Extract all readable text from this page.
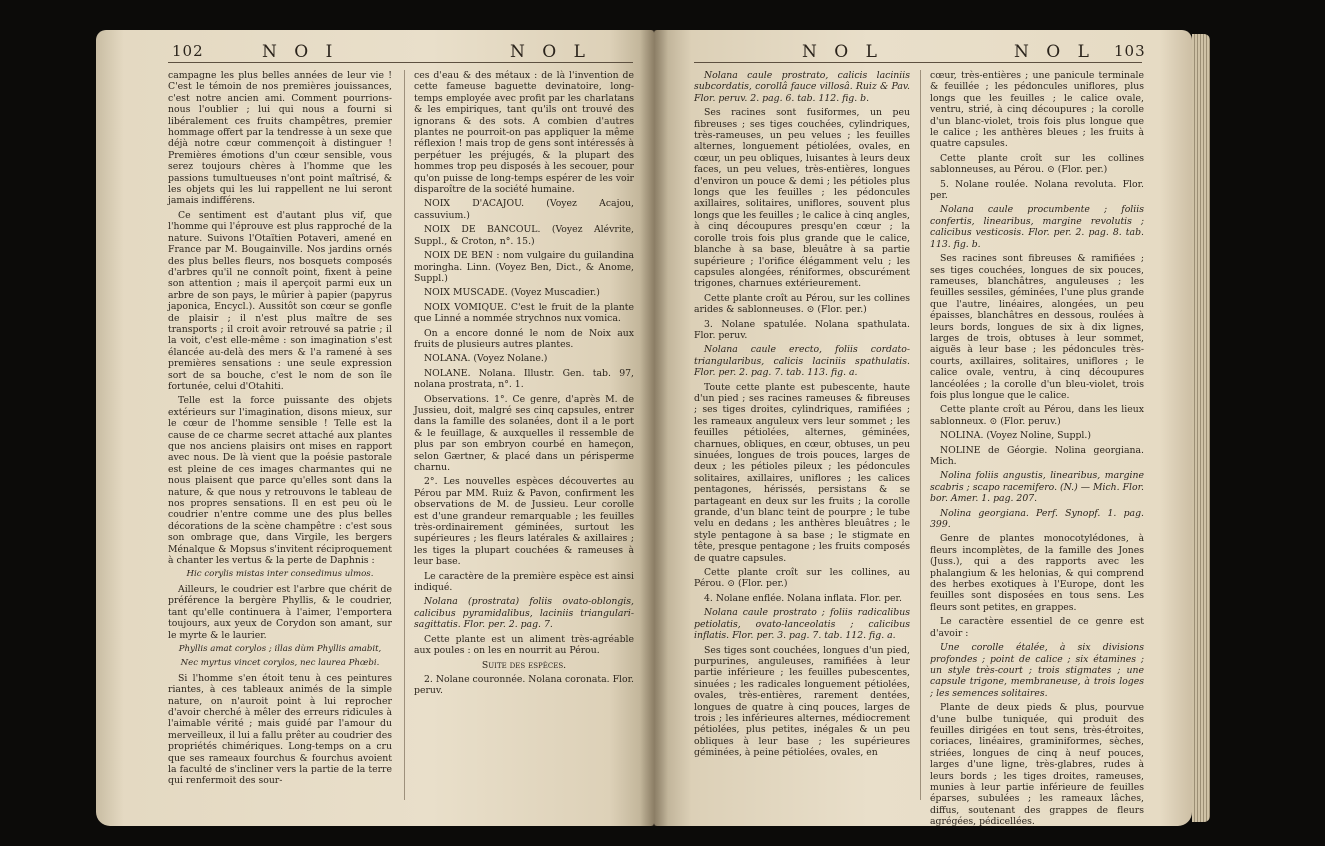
102	N O I	N O L	N O L	N O L 103

campagne les plus belles années de leur vie ! C'est le témoin de nos premières jouissances, c'est notre ancien ami. Comment pourrions-nous l'oublier ; lui qui nous a fourni si libéralement ces fruits champêtres, premier hommage offert par la tendresse à un sexe que déjà notre cœur commençoit à distinguer ! Premières émotions d'un cœur sensible, vous serez toujours chères à l'homme que les passions tumultueuses n'ont point maîtrisé, & les objets qui les lui rappellent ne lui seront jamais indifférens.

Ce sentiment est d'autant plus vif, que l'homme qui l'éprouve est plus rapproché de la nature. Suivons l'Otaïtien Potaveri, amené en France par M. Bougainville. Nos jardins ornés des plus belles fleurs, nos bosquets composés d'arbres qu'il ne connoît point, fixent à peine son attention ; mais il aperçoit parmi eux un arbre de son pays, le mûrier à papier (papyrus japonica, Encycl.). Aussitôt son cœur se gonfle de plaisir ; il n'est plus maître de ses transports ; il croit avoir retrouvé sa patrie ; il la voit, c'est elle-même : son imagination s'est élancée au-delà des mers & l'a ramené à ses premières sensations : une seule expression sort de sa bouche, c'est le nom de son île fortunée, celui d'Otahiti.

Telle est la force puissante des objets extérieurs sur l'imagination, disons mieux, sur le cœur de l'homme sensible ! Telle est la cause de ce charme secret attaché aux plantes que nos anciens plaisirs ont mises en rapport avec nous. De là vient que la poésie pastorale est pleine de ces images charmantes qui ne nous plaisent que parce qu'elles sont dans la nature, & que nous y retrouvons le tableau de nos propres sensations. Il en est peu où le coudrier n'entre comme une des plus belles décorations de la scène champêtre : c'est sous son ombrage que, dans Virgile, les bergers Ménalque & Mopsus s'invitent réciproquement à chanter les vertus & la perte de Daphnis :

Hic corylis mistas inter consedimus ulmos.

Ailleurs, le coudrier est l'arbre que chérit de préférence la bergère Phyllis, & le coudrier, tant qu'elle continuera à l'aimer, l'emportera toujours, aux yeux de Corydon son amant, sur le myrte & le laurier.

Phyllis amat corylos ; illas dùm Phyllis amabit,

Nec myrtus vincet corylos, nec laurea Phœbi.

Si l'homme s'en étoit tenu à ces peintures riantes, à ces tableaux animés de la simple nature, on n'auroit point à lui reprocher d'avoir cherché à mêler des erreurs ridicules à l'aimable vérité ; mais guidé par l'amour du merveilleux, il lui a fallu prêter au coudrier des propriétés chimériques. Long-temps on a cru que ses rameaux fourchus & fourchus avoient la faculté de s'incliner vers la partie de la terre qui renfermoit des sour-

ces d'eau & des métaux : de là l'invention de cette fameuse baguette devinatoire, long-temps employée avec profit par les charlatans & les empiriques, tant qu'ils ont trouvé des ignorans & des sots. A combien d'autres plantes ne pourroit-on pas appliquer la même réflexion ! mais trop de gens sont intéressés à perpétuer les préjugés, & la plupart des hommes trop peu disposés à les secouer, pour qu'on puisse de long-temps espérer de les voir disparoître de la société humaine.

NOIX D'ACAJOU. (Voyez Acajou, cassuvium.)

NOIX DE BANCOUL. (Voyez Alévrite, Suppl., & Croton, n°. 15.)

NOIX DE BEN : nom vulgaire du guilandina moringha. Linn. (Voyez Ben, Dict., & Anome, Suppl.)

NOIX MUSCADE. (Voyez Muscadier.)

NOIX VOMIQUE. C'est le fruit de la plante que Linné a nommée strychnos nux vomica.

On a encore donné le nom de Noix aux fruits de plusieurs autres plantes.

NOLANA. (Voyez Nolane.)

NOLANE. Nolana. Illustr. Gen. tab. 97, nolana prostrata, n°. 1.

Observations. 1°. Ce genre, d'après M. de Jussieu, doit, malgré ses cinq capsules, entrer dans la famille des solanées, dont il a le port & le feuillage, & auxquelles il ressemble de plus par son embryon courbé en hameçon, selon Gærtner, & placé dans un périsperme charnu.

2°. Les nouvelles espèces découvertes au Pérou par MM. Ruiz & Pavon, confirment les observations de M. de Jussieu. Leur corolle est d'une grandeur remarquable ; les feuilles très-ordinairement géminées, surtout les supérieures ; les fleurs latérales & axillaires ; les tiges la plupart couchées & rameuses à leur base.

Le caractère de la première espèce est ainsi indiqué.

Nolana (prostrata) foliis ovato-oblongis, calicibus pyramidalibus, laciniis triangulari-sagittatis. Flor. per. 2. pag. 7.

Cette plante est un aliment très-agréable aux poules : on les en nourrit au Pérou.

Suite des espèces.

2. Nolane couronnée. Nolana coronata. Flor. peruv.

Nolana caule prostrato, calicis laciniis subcordatis, corollâ fauce villosâ. Ruiz & Pav. Flor. peruv. 2. pag. 6. tab. 112. fig. b.

Ses racines sont fusiformes, un peu fibreuses ; ses tiges couchées, cylindriques, très-rameuses, un peu velues ; les feuilles alternes, longuement pétiolées, ovales, en cœur, un peu obliques, luisantes à leurs deux faces, un peu velues, très-entières, longues d'environ un pouce & demi ; les pétioles plus longs que les feuilles ; les pédoncules axillaires, solitaires, uniflores, souvent plus longs que les feuilles ; le calice à cinq angles, à cinq découpures presqu'en cœur ; la corolle trois fois plus grande que le calice, blanche à sa base, bleuâtre à sa partie supérieure ; l'orifice élégamment velu ; les capsules alongées, réniformes, obscurément trigones, charnues extérieurement.

Cette plante croît au Pérou, sur les collines arides & sablonneuses. ⊙ (Flor. per.)

3. Nolane spatulée. Nolana spathulata. Flor. peruv.

Nolana caule erecto, foliis cordato-triangularibus, calicis laciniis spathulatis. Flor. per. 2. pag. 7. tab. 113. fig. a.

Toute cette plante est pubescente, haute d'un pied ; ses racines rameuses & fibreuses ; ses tiges droites, cylindriques, ramifiées ; les rameaux anguleux vers leur sommet ; les feuilles pétiolées, alternes, géminées, charnues, obliques, en cœur, obtuses, un peu sinuées, longues de trois pouces, larges de deux ; les pétioles pileux ; les pédoncules solitaires, axillaires, uniflores ; les calices pentagones, hérissés, persistans & se partageant en deux sur les fruits ; la corolle grande, d'un blanc teint de pourpre ; le tube velu en dedans ; les anthères bleuâtres ; le style pentagone à sa base ; le stigmate en tête, presque pentagone ; les fruits composés de quatre capsules.

Cette plante croît sur les collines, au Pérou. ⊙ (Flor. per.)

4. Nolane enflée. Nolana inflata. Flor. per.

Nolana caule prostrato ; foliis radicalibus petiolatis, ovato-lanceolatis ; calicibus inflatis. Flor. per. 3. pag. 7. tab. 112. fig. a.

Ses tiges sont couchées, longues d'un pied, purpurines, anguleuses, ramifiées à leur partie inférieure ; les feuilles pubescentes, sinuées ; les radicales longuement pétiolées, ovales, très-entières, rarement dentées, longues de quatre à cinq pouces, larges de trois ; les inférieures alternes, médiocrement pétiolées, plus petites, inégales & un peu obliques à leur base ; les supérieures géminées, à peine pétiolées, ovales, en

cœur, très-entières ; une panicule terminale & feuillée ; les pédoncules uniflores, plus longs que les feuilles ; le calice ovale, ventru, strié, à cinq découpures ; la corolle d'un blanc-violet, trois fois plus longue que le calice ; les anthères bleues ; les fruits à quatre capsules.

Cette plante croît sur les collines sablonneuses, au Pérou. ⊙ (Flor. per.)

5. Nolane roulée. Nolana revoluta. Flor. per.

Nolana caule procumbente ; foliis confertis, linearibus, margine revolutis ; calicibus vesticosis. Flor. per. 2. pag. 8. tab. 113. fig. b.

Ses racines sont fibreuses & ramifiées ; ses tiges couchées, longues de six pouces, rameuses, blanchâtres, anguleuses ; les feuilles sessiles, géminées, l'une plus grande que l'autre, linéaires, alongées, un peu épaisses, blanchâtres en dessous, roulées à leurs bords, longues de six à dix lignes, larges de trois, obtuses à leur sommet, aiguës à leur base ; les pédoncules très-courts, axillaires, solitaires, uniflores ; le calice ovale, ventru, à cinq découpures lancéolées ; la corolle d'un bleu-violet, trois fois plus longue que le calice.

Cette plante croît au Pérou, dans les lieux sablonneux. ⊙ (Flor. peruv.)

NOLINA. (Voyez Noline, Suppl.)

NOLINE de Géorgie. Nolina georgiana. Mich.

Nolina foliis angustis, linearibus, margine scabris ; scapo racemifero. (N.) — Mich. Flor. bor. Amer. 1. pag. 207.

Nolina georgiana. Perf. Synopf. 1. pag. 399.

Genre de plantes monocotylédones, à fleurs incomplètes, de la famille des Jones (Juss.), qui a des rapports avec les phalangium & les helonias, & qui comprend des herbes exotiques à l'Europe, dont les feuilles sont disposées en tous sens. Les fleurs sont petites, en grappes.

Le caractère essentiel de ce genre est d'avoir :

Une corolle étalée, à six divisions profondes ; point de calice ; six étamines ; un style très-court ; trois stigmates ; une capsule trigone, membraneuse, à trois loges ; les semences solitaires.

Plante de deux pieds & plus, pourvue d'une bulbe tuniquée, qui produit des feuilles dirigées en tout sens, très-étroites, coriaces, linéaires, graminiformes, sèches, striées, longues de cinq à neuf pouces, larges d'une ligne, très-glabres, rudes à leurs bords ; les tiges droites, rameuses, munies à leur partie inférieure de feuilles éparses, subulées ; les rameaux lâches, diffus, soutenant des grappes de fleurs agrégées, pédicellées.
